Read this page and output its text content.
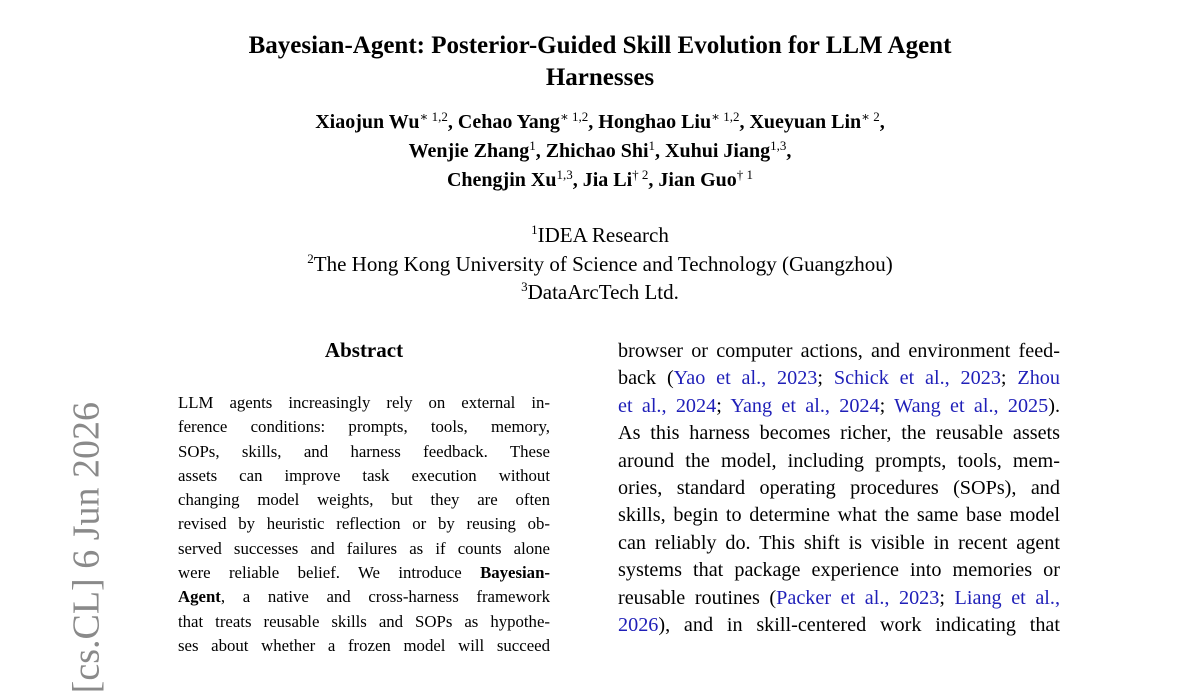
Bayesian-Agent: Posterior-Guided Skill Evolution for LLM Agent
Harnesses
Xiaojun $Wu^{∗ 1,2}$, Cehao Yang$^{∗ 1,2}$, Honghao Liu$^{∗ 1,2}$, Xueyuan Lin$^{∗ 2}$,
Wenjie Zhang$^1$, Zhichao Shi$^1$, Xuhui Jiang$^{1,3}$,
Chengjin Xu$^{1,3}$, Jia Li$^{\dagger 2}$, Jian Guo$^{\dagger 1}$
$^1$IDEA Research
$^2$The Hong Kong University of Science and Technology (Guangzhou)
$^3$DataArcTech Ltd.
Abstract
LLM agents increasingly rely on external in-
ference conditions: prompts, tools, memory,
SOPs, skills, and harness feedback. These
assets can improve task execution without
changing model weights, but they are often
revised by heuristic reflection or by reusing ob-
served successes and failures as if counts alone
were reliable belief. We introduce Bayesian-
Agent, a native and cross-harness framework
that treats reusable skills and SOPs as hypothe-
ses about whether a frozen model will succeed
browser or computer actions, and environment feed-
back (Yao et al., 2023; Schick et al., 2023; Zhou
et al., 2024; Yang et al., 2024; Wang et al., 2025).
As this harness becomes richer, the reusable assets
around the model, including prompts, tools, mem-
ories, standard operating procedures (SOPs), and
skills, begin to determine what the same base model
can reliably do. This shift is visible in recent agent
systems that package experience into memories or
reusable routines (Packer et al., 2023; Liang et al.,
2026), and in skill-centered work indicating that
[cs.CL] 6 Jun 2026
